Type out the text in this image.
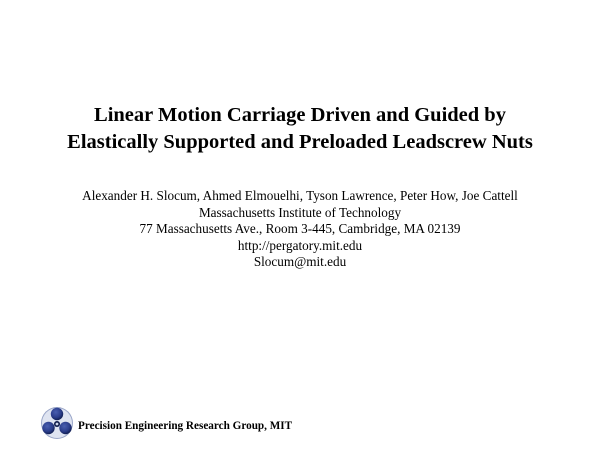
Linear Motion Carriage Driven and Guided by
Elastically Supported and Preloaded Leadscrew Nuts
Alexander H. Slocum, Ahmed Elmouelhi, Tyson Lawrence, Peter How, Joe Cattell
Massachusetts Institute of Technology
77 Massachusetts Ave., Room 3-445, Cambridge, MA 02139
http://pergatory.mit.edu
Slocum@mit.edu
Precision Engineering Research Group, MIT
